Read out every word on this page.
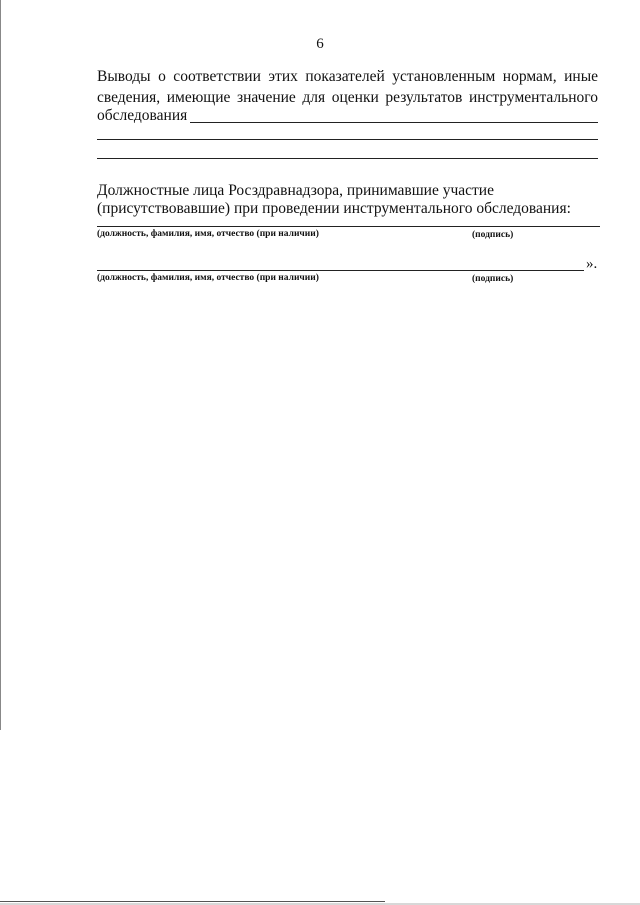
6
Выводы о соответствии этих показателей установленным нормам, иные
сведения, имеющие значение для оценки результатов инструментального
обследования
Должностные лица Росздравнадзора, принимавшие участие
(присутствовавшие) при проведении инструментального обследования:
(должность, фамилия, имя, отчество (при наличии)	(подпись)
».
(должность, фамилия, имя, отчество (при наличии)	(подпись)
